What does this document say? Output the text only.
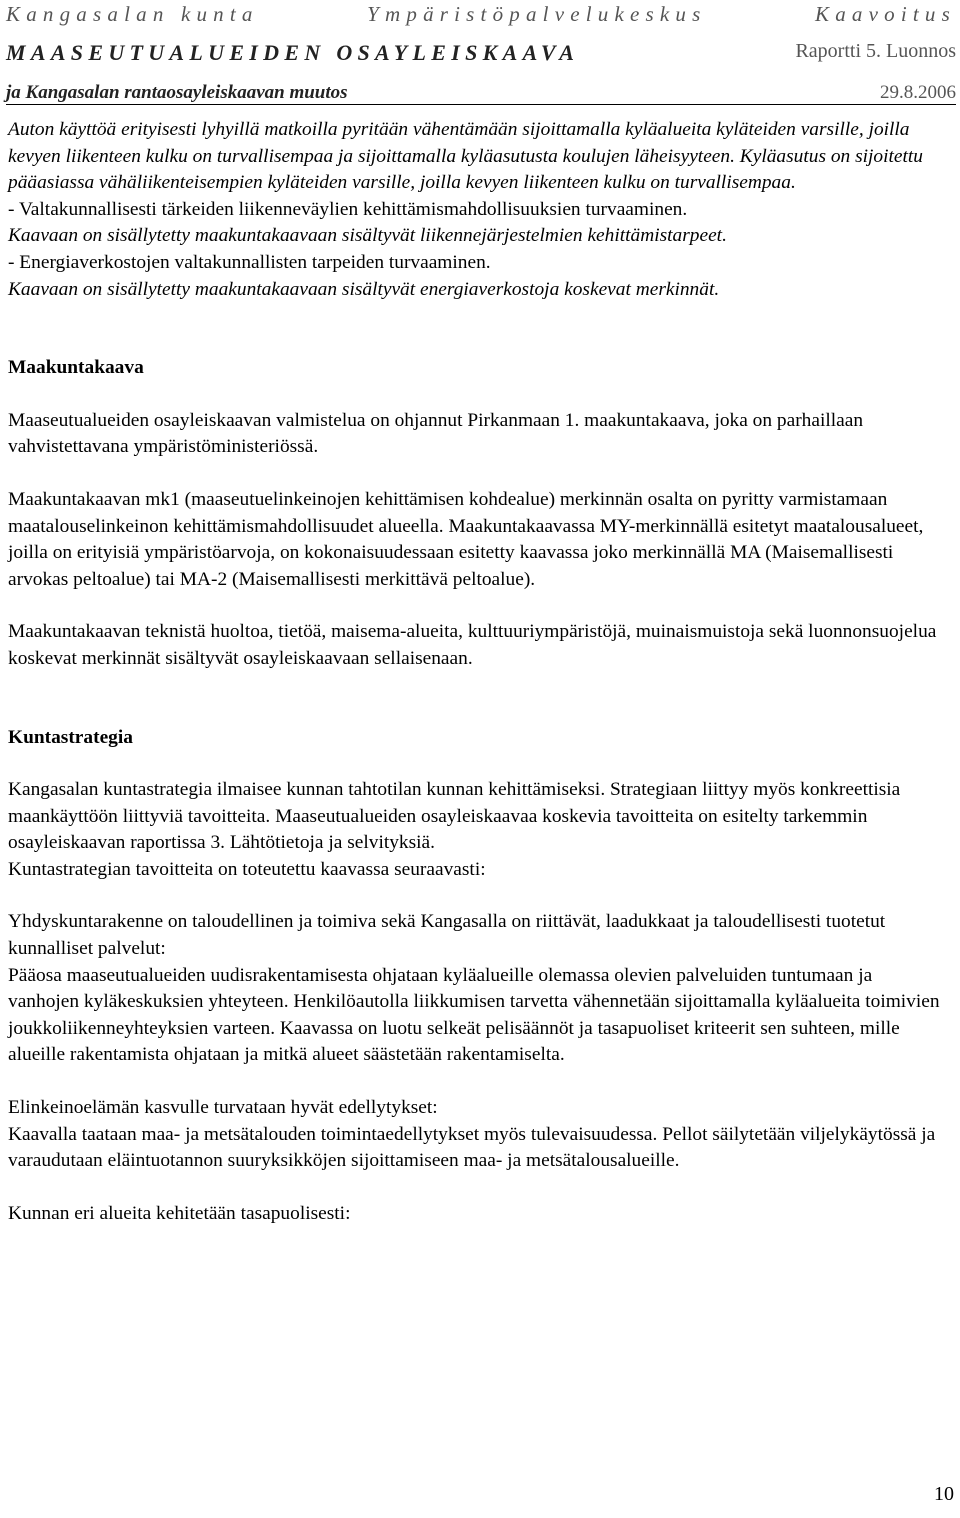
Kangasalan kunta	Ympäristöpalvelukeskus	Kaavoitus
MAASEUTUALUEIDEN OSAYLEISKAAVA	Raportti 5. Luonnos
ja Kangasalan rantaosayleiskaavan muutos	29.8.2006

Auton käyttöä erityisesti lyhyillä matkoilla pyritään vähentämään sijoittamalla kyläalueita kyläteiden varsille, joilla kevyen liikenteen kulku on turvallisempaa ja sijoittamalla kyläasutusta koulujen läheisyyteen. Kyläasutus on sijoitettu pääasiassa vähäliikenteisempien kyläteiden varsille, joilla kevyen liikenteen kulku on turvallisempaa.

- Valtakunnallisesti tärkeiden liikenneväylien kehittämismahdollisuuksien turvaaminen.

Kaavaan on sisällytetty maakuntakaavaan sisältyvät liikennejärjestelmien kehittämistarpeet.

- Energiaverkostojen valtakunnallisten tarpeiden turvaaminen.

Kaavaan on sisällytetty maakuntakaavaan sisältyvät energiaverkostoja koskevat merkinnät.

Maakuntakaava

Maaseutualueiden osayleiskaavan valmistelua on ohjannut Pirkanmaan 1. maakuntakaava, joka on parhaillaan vahvistettavana ympäristöministeriössä.

Maakuntakaavan mk1 (maaseutuelinkeinojen kehittämisen kohdealue) merkinnän osalta on pyritty varmistamaan maatalouselinkeinon kehittämismahdollisuudet alueella. Maakuntakaavassa MY-merkinnällä esitetyt maatalousalueet, joilla on erityisiä ympäristöarvoja, on kokonaisuudessaan esitetty kaavassa joko merkinnällä MA (Maisemallisesti arvokas peltoalue) tai MA-2 (Maisemallisesti merkittävä peltoalue).

Maakuntakaavan teknistä huoltoa, tietöä, maisema-alueita, kulttuuriympäristöjä, muinaismuistoja sekä luonnonsuojelua koskevat merkinnät sisältyvät osayleiskaavaan sellaisenaan.

Kuntastrategia

Kangasalan kuntastrategia ilmaisee kunnan tahtotilan kunnan kehittämiseksi. Strategiaan liittyy myös konkreettisia maankäyttöön liittyviä tavoitteita. Maaseutualueiden osayleiskaavaa koskevia tavoitteita on esitelty tarkemmin osayleiskaavan raportissa 3. Lähtötietoja ja selvityksiä.

Kuntastrategian tavoitteita on toteutettu kaavassa seuraavasti:

Yhdyskuntarakenne on taloudellinen ja toimiva sekä Kangasalla on riittävät, laadukkaat ja taloudellisesti tuotetut kunnalliset palvelut:

Pääosa maaseutualueiden uudisrakentamisesta ohjataan kyläalueille olemassa olevien palveluiden tuntumaan ja vanhojen kyläkeskuksien yhteyteen. Henkilöautolla liikkumisen tarvetta vähennetään sijoittamalla kyläalueita toimivien joukkoliikenneyhteyksien varteen. Kaavassa on luotu selkeät pelisäännöt ja tasapuoliset kriteerit sen suhteen, mille alueille rakentamista ohjataan ja mitkä alueet säästetään rakentamiselta.

Elinkeinoelämän kasvulle turvataan hyvät edellytykset:

Kaavalla taataan maa- ja metsätalouden toimintaedellytykset myös tulevaisuudessa. Pellot säilytetään viljelykäytössä ja varaudutaan eläintuotannon suuryksikköjen sijoittamiseen maa- ja metsätalousalueille.

Kunnan eri alueita kehitetään tasapuolisesti:

10
